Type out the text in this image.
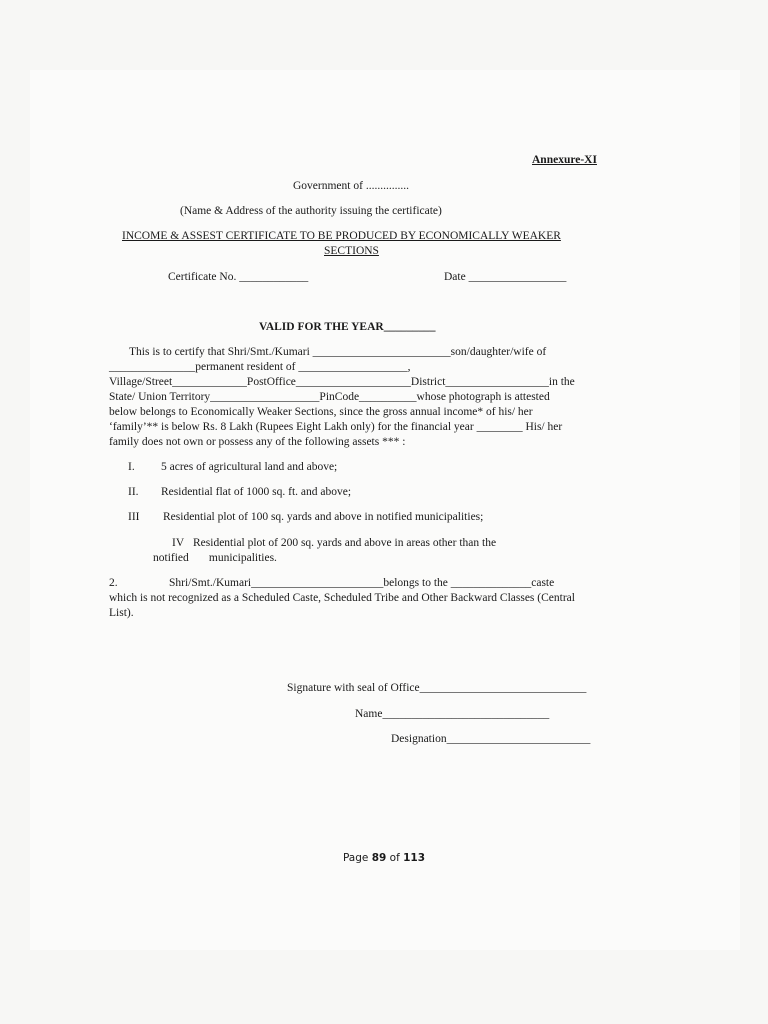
Annexure-XI
Government of ...............
(Name & Address of the authority issuing the certificate)
INCOME & ASSEST CERTIFICATE TO BE PRODUCED BY ECONOMICALLY WEAKER
SECTIONS
Certificate No. ____________	Date _________________
VALID FOR THE YEAR_________
This is to certify that Shri/Smt./Kumari ________________________son/daughter/wife of
_______________permanent resident of ___________________,
Village/Street_____________PostOffice____________________District__________________in the
State/ Union Territory___________________PinCode__________whose photograph is attested
below belongs to Economically Weaker Sections, since the gross annual income* of his/ her
‘family’** is below Rs. 8 Lakh (Rupees Eight Lakh only) for the financial year ________ His/ her
family does not own or possess any of the following assets *** :
I. 5 acres of agricultural land and above;
II. Residential flat of 1000 sq. ft. and above;
III Residential plot of 100 sq. yards and above in notified municipalities;
IV Residential plot of 200 sq. yards and above in areas other than the
notified       municipalities.
2.	Shri/Smt./Kumari_______________________belongs to the ______________caste
which is not recognized as a Scheduled Caste, Scheduled Tribe and Other Backward Classes (Central
List).
Signature with seal of Office_____________________________
Name_____________________________
Designation_________________________
Page 89 of 113
